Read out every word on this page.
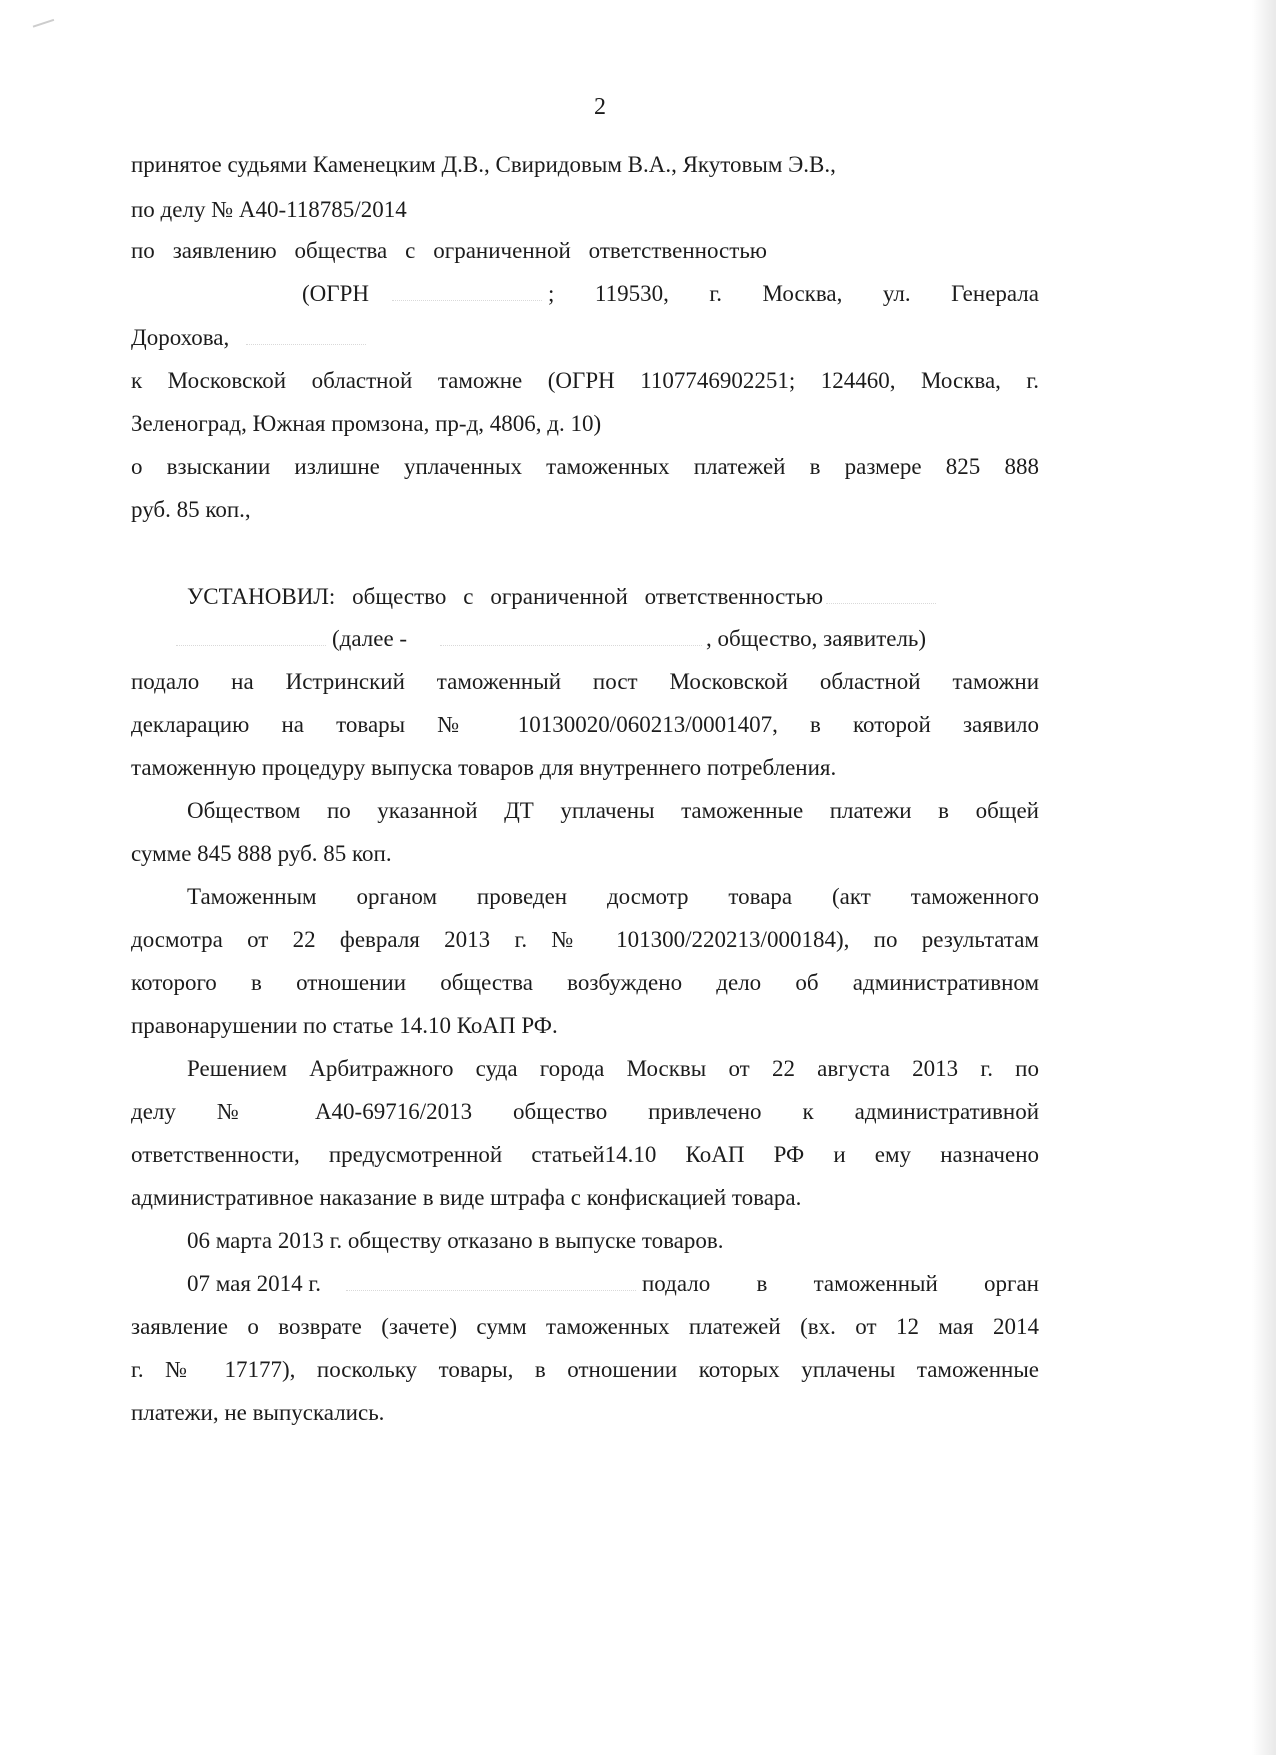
2
принятое судьями Каменецким Д.В., Свиридовым В.А., Якутовым Э.В.,
по делу № А40-118785/2014
по заявлению общества с ограниченной ответственностью
(ОГРН	; 119530, г. Москва, ул. Генерала
Дорохова,
к Московской областной таможне (ОГРН 1107746902251; 124460, Москва, г.
Зеленоград, Южная промзона, пр-д, 4806, д. 10)
о взыскании излишне уплаченных таможенных платежей в размере 825 888
руб. 85 коп.,
УСТАНОВИЛ: общество с ограниченной ответственностью
(далее -	, общество, заявитель)
подало на Истринский таможенный пост Московской областной таможни
декларацию на товары № 10130020/060213/0001407, в которой заявило
таможенную процедуру выпуска товаров для внутреннего потребления.
Обществом по указанной ДТ уплачены таможенные платежи в общей
сумме 845 888 руб. 85 коп.
Таможенным органом проведен досмотр товара (акт таможенного
досмотра от 22 февраля 2013 г. № 101300/220213/000184), по результатам
которого в отношении общества возбуждено дело об административном
правонарушении по статье 14.10 КоАП РФ.
Решением Арбитражного суда города Москвы от 22 августа 2013 г. по
делу № А40-69716/2013 общество привлечено к административной
ответственности, предусмотренной статьей14.10 КоАП РФ и ему назначено
административное наказание в виде штрафа с конфискацией товара.
06 марта 2013 г. обществу отказано в выпуске товаров.
07 мая 2014 г.	подало в таможенный орган
заявление о возврате (зачете) сумм таможенных платежей (вх. от 12 мая 2014
г. № 17177), поскольку товары, в отношении которых уплачены таможенные
платежи, не выпускались.
